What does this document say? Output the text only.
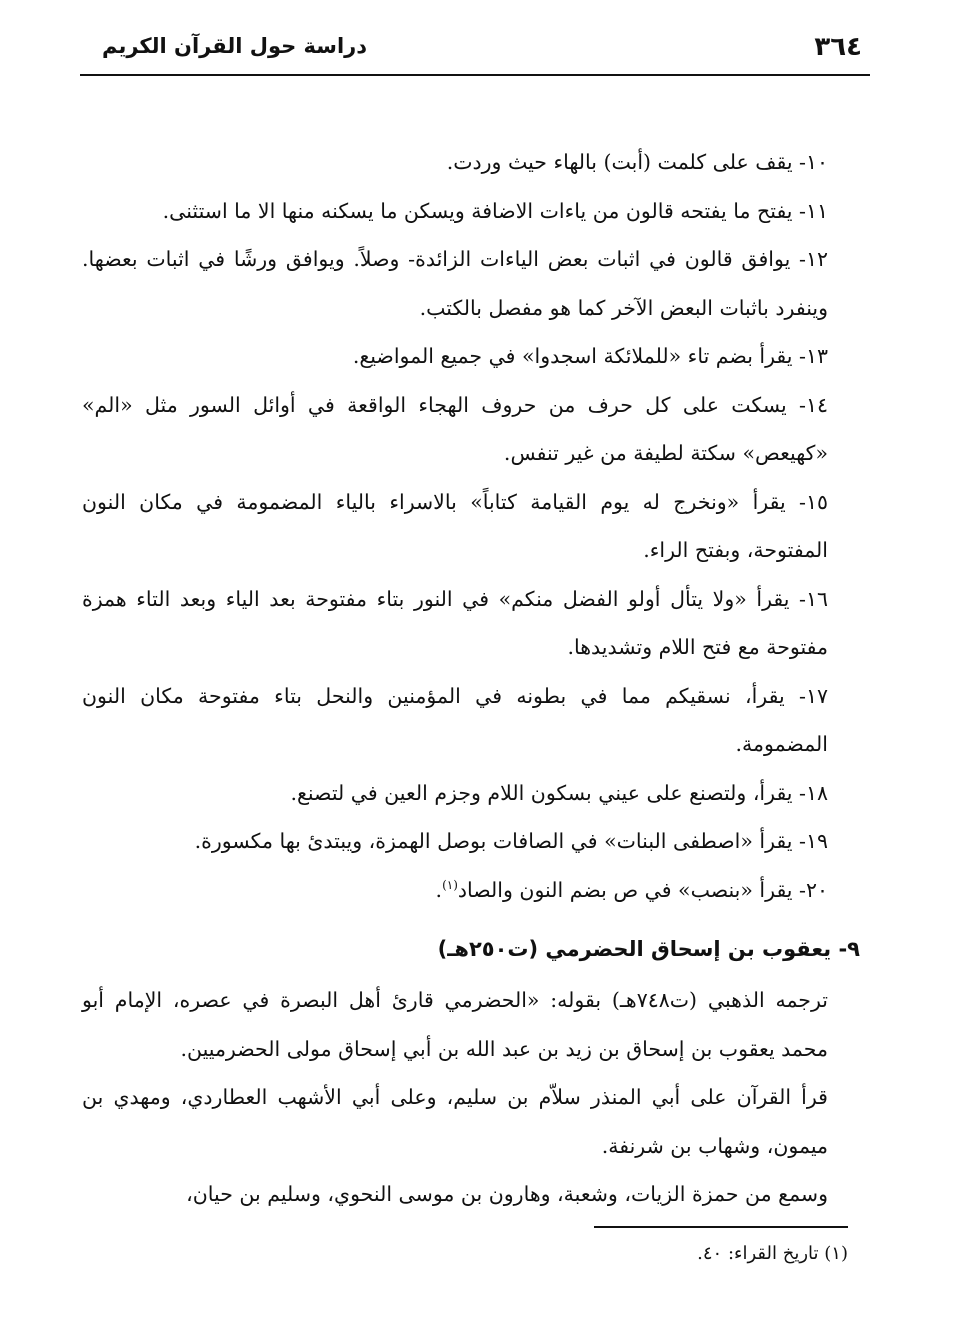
٣٦٤
دراسة حول القرآن الكريم

١٠- يقف على كلمت (أبت) بالهاء حيث وردت.

١١- يفتح ما يفتحه قالون من ياءات الاضافة ويسكن ما يسكنه منها الا ما استثنى.

١٢- يوافق قالون في اثبات بعض الياءات الزائدة- وصلاً. ويوافق ورشًا في اثبات بعضها. وينفرد باثبات البعض الآخر كما هو مفصل بالكتب.

١٣- يقرأ بضم تاء «للملائكة اسجدوا» في جميع المواضيع.

١٤- يسكت على كل حرف من حروف الهجاء الواقعة في أوائل السور مثل «الم» «كهيعص» سكتة لطيفة من غير تنفس.

١٥- يقرأ «ونخرج له يوم القيامة كتاباً» بالاسراء بالياء المضمومة في مكان النون المفتوحة، وبفتح الراء.

١٦- يقرأ «ولا يتأل أولو الفضل منكم» في النور بتاء مفتوحة بعد الياء وبعد التاء همزة مفتوحة مع فتح اللام وتشديدها.

١٧- يقرأ، نسقيكم مما في بطونه في المؤمنين والنحل بتاء مفتوحة مكان النون المضمومة.

١٨- يقرأ، ولتصنع على عيني بسكون اللام وجزم العين في لتصنع.

١٩- يقرأ «اصطفى البنات» في الصافات بوصل الهمزة، ويبتدئ بها مكسورة.

٢٠- يقرأ «بنصب» في ص بضم النون والصاد$^{(١)}$.

٩- يعقوب بن إسحاق الحضرمي (ت٢٥٠هـ)

ترجمه الذهبي (ت٧٤٨هـ) بقوله: «الحضرمي قارئ أهل البصرة في عصره، الإمام أبو محمد يعقوب بن إسحاق بن زيد بن عبد الله بن أبي إسحاق مولى الحضرميين.

قرأ القرآن على أبي المنذر سلاّم بن سليم، وعلى أبي الأشهب العطاردي، ومهدي بن ميمون، وشهاب بن شرنفة.

وسمع من حمزة الزيات، وشعبة، وهارون بن موسى النحوي، وسليم بن حيان،

(١) تاريخ القراء: ٤٠.
